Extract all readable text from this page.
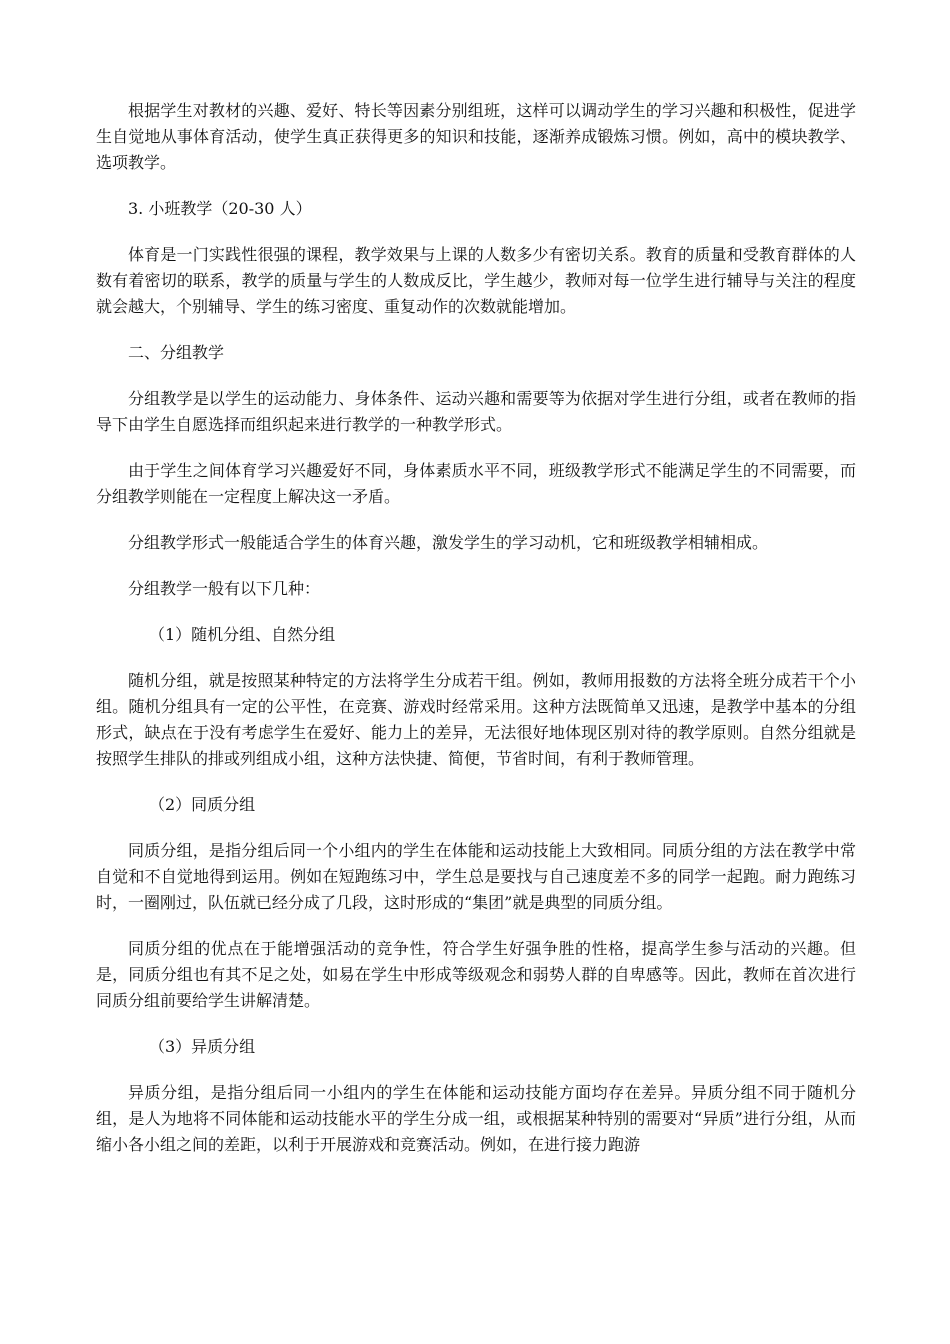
根据学生对教材的兴趣、爱好、特长等因素分别组班，这样可以调动学生的学习兴趣和积极性，促进学生自觉地从事体育活动，使学生真正获得更多的知识和技能，逐渐养成锻炼习惯。例如，高中的模块教学、选项教学。

3. 小班教学（20-30 人）

体育是一门实践性很强的课程，教学效果与上课的人数多少有密切关系。教育的质量和受教育群体的人数有着密切的联系，教学的质量与学生的人数成反比，学生越少，教师对每一位学生进行辅导与关注的程度就会越大，个别辅导、学生的练习密度、重复动作的次数就能增加。

二、分组教学

分组教学是以学生的运动能力、身体条件、运动兴趣和需要等为依据对学生进行分组，或者在教师的指导下由学生自愿选择而组织起来进行教学的一种教学形式。

由于学生之间体育学习兴趣爱好不同，身体素质水平不同，班级教学形式不能满足学生的不同需要，而分组教学则能在一定程度上解决这一矛盾。

分组教学形式一般能适合学生的体育兴趣，激发学生的学习动机，它和班级教学相辅相成。

分组教学一般有以下几种：

（1）随机分组、自然分组

随机分组，就是按照某种特定的方法将学生分成若干组。例如，教师用报数的方法将全班分成若干个小组。随机分组具有一定的公平性，在竞赛、游戏时经常采用。这种方法既简单又迅速，是教学中基本的分组形式，缺点在于没有考虑学生在爱好、能力上的差异，无法很好地体现区别对待的教学原则。自然分组就是按照学生排队的排或列组成小组，这种方法快捷、简便，节省时间，有利于教师管理。

（2）同质分组

同质分组，是指分组后同一个小组内的学生在体能和运动技能上大致相同。同质分组的方法在教学中常自觉和不自觉地得到运用。例如在短跑练习中，学生总是要找与自己速度差不多的同学一起跑。耐力跑练习时，一圈刚过，队伍就已经分成了几段，这时形成的“集团”就是典型的同质分组。

同质分组的优点在于能增强活动的竞争性，符合学生好强争胜的性格，提高学生参与活动的兴趣。但是，同质分组也有其不足之处，如易在学生中形成等级观念和弱势人群的自卑感等。因此，教师在首次进行同质分组前要给学生讲解清楚。

（3）异质分组

异质分组，是指分组后同一小组内的学生在体能和运动技能方面均存在差异。异质分组不同于随机分组，是人为地将不同体能和运动技能水平的学生分成一组，或根据某种特别的需要对“异质”进行分组，从而缩小各小组之间的差距，以利于开展游戏和竞赛活动。例如，在进行接力跑游
